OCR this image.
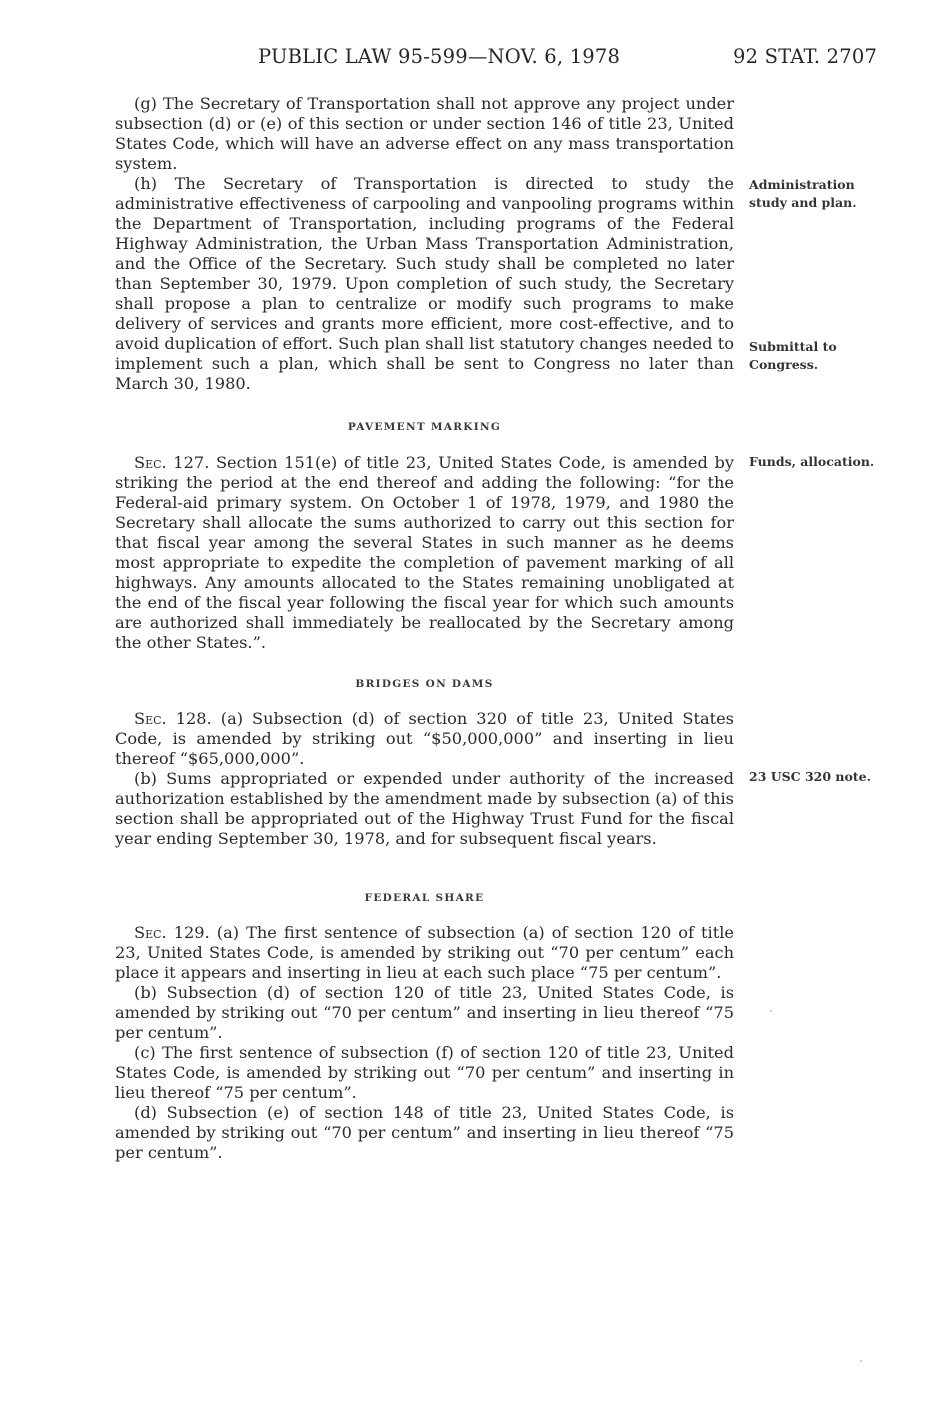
PUBLIC LAW 95-599—NOV. 6, 1978	92 STAT. 2707

(g) The Secretary of Transportation shall not approve any project under subsection (d) or (e) of this section or under section 146 of title 23, United States Code, which will have an adverse effect on any mass transportation system.

(h) The Secretary of Transportation is directed to study the administrative effectiveness of carpooling and vanpooling programs within the Department of Transportation, including programs of the Federal Highway Administration, the Urban Mass Transportation Administration, and the Office of the Secretary. Such study shall be completed no later than September 30, 1979. Upon completion of such study, the Secretary shall propose a plan to centralize or modify such programs to make delivery of services and grants more efficient, more cost-effective, and to avoid duplication of effort. Such plan shall list statutory changes needed to implement such a plan, which shall be sent to Congress no later than March 30, 1980.

Administration
study and plan.
Submittal to
Congress.
PAVEMENT MARKING

Sec. 127. Section 151(e) of title 23, United States Code, is amended by striking the period at the end thereof and adding the following: “for the Federal-aid primary system. On October 1 of 1978, 1979, and 1980 the Secretary shall allocate the sums authorized to carry out this section for that fiscal year among the several States in such manner as he deems most appropriate to expedite the completion of pavement marking of all highways. Any amounts allocated to the States remaining unobligated at the end of the fiscal year following the fiscal year for which such amounts are authorized shall immediately be reallocated by the Secretary among the other States.”.

Funds, allocation.
BRIDGES ON DAMS

Sec. 128. (a) Subsection (d) of section 320 of title 23, United States Code, is amended by striking out “$50,000,000” and inserting in lieu thereof “$65,000,000”.

(b) Sums appropriated or expended under authority of the increased authorization established by the amendment made by subsection (a) of this section shall be appropriated out of the Highway Trust Fund for the fiscal year ending September 30, 1978, and for subsequent fiscal years.

23 USC 320 note.
FEDERAL SHARE

Sec. 129. (a) The first sentence of subsection (a) of section 120 of title 23, United States Code, is amended by striking out “70 per centum” each place it appears and inserting in lieu at each such place “75 per centum”.

(b) Subsection (d) of section 120 of title 23, United States Code, is amended by striking out “70 per centum” and inserting in lieu thereof “75 per centum”.

(c) The first sentence of subsection (f) of section 120 of title 23, United States Code, is amended by striking out “70 per centum” and inserting in lieu thereof “75 per centum”.

(d) Subsection (e) of section 148 of title 23, United States Code, is amended by striking out “70 per centum” and inserting in lieu thereof “75 per centum”.
